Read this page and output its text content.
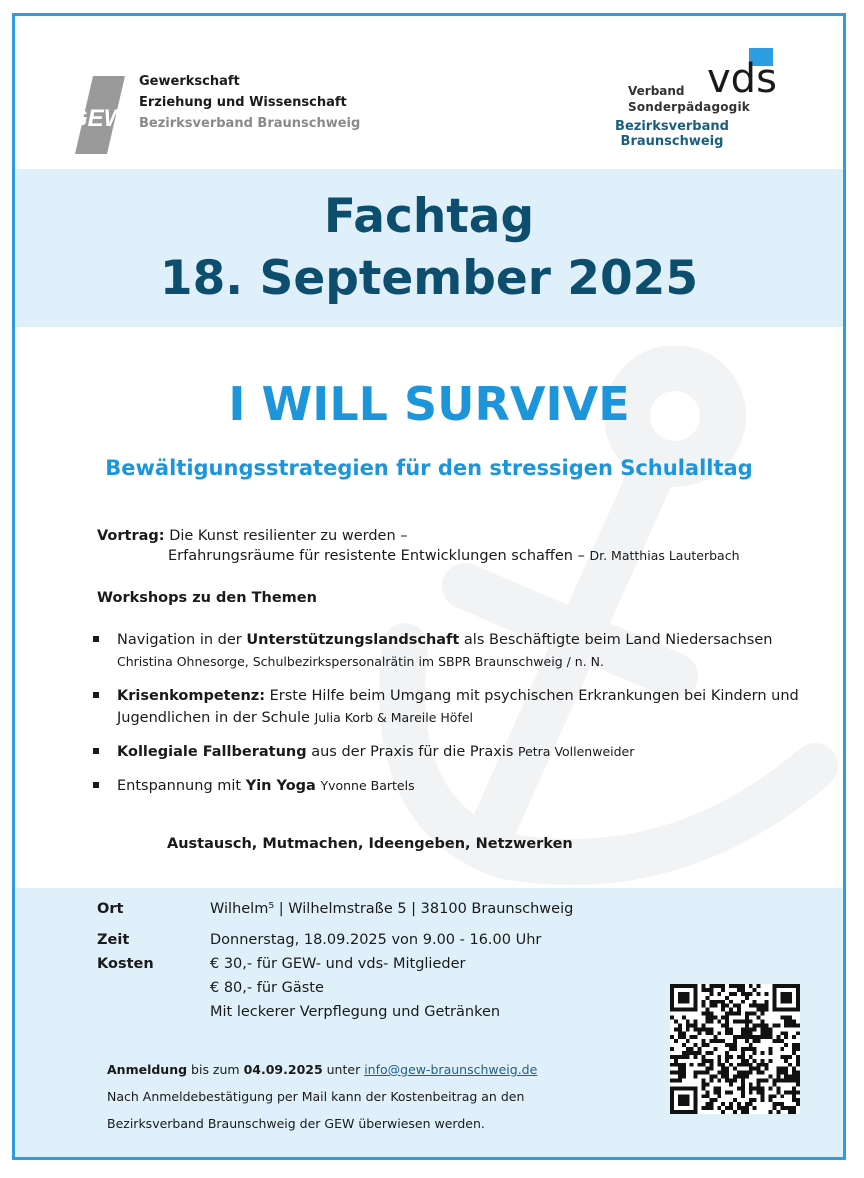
GEW
Gewerkschaft
Erziehung und Wissenschaft
Bezirksverband Braunschweig
vds
Verband
Sonderpädagogik
Bezirksverband Braunschweig
Fachtag
18. September 2025
I WILL SURVIVE
Bewältigungsstrategien für den stressigen Schulalltag
Vortrag: Die Kunst resilienter zu werden –
Erfahrungsräume für resistente Entwicklungen schaffen – Dr. Matthias Lauterbach
Workshops zu den Themen
Navigation in der Unterstützungslandschaft als Beschäftigte beim Land Niedersachsen Christina Ohnesorge, Schulbezirkspersonalrätin im SBPR Braunschweig / n. N.
Krisenkompetenz: Erste Hilfe beim Umgang mit psychischen Erkrankungen bei Kindern und Jugendlichen in der Schule Julia Korb & Mareile Höfel
Kollegiale Fallberatung aus der Praxis für die Praxis Petra Vollenweider
Entspannung mit Yin Yoga Yvonne Bartels
Austausch, Mutmachen, Ideengeben, Netzwerken
Ort	Wilhelm⁵ | Wilhelmstraße 5 | 38100 Braunschweig
Zeit	Donnerstag, 18.09.2025 von 9.00 - 16.00 Uhr
Kosten	€ 30,- für GEW- und vds- Mitglieder
€ 80,- für Gäste
Mit leckerer Verpflegung und Getränken
Anmeldung bis zum 04.09.2025 unter info@gew-braunschweig.de
Nach Anmeldebestätigung per Mail kann der Kostenbeitrag an den
Bezirksverband Braunschweig der GEW überwiesen werden.
